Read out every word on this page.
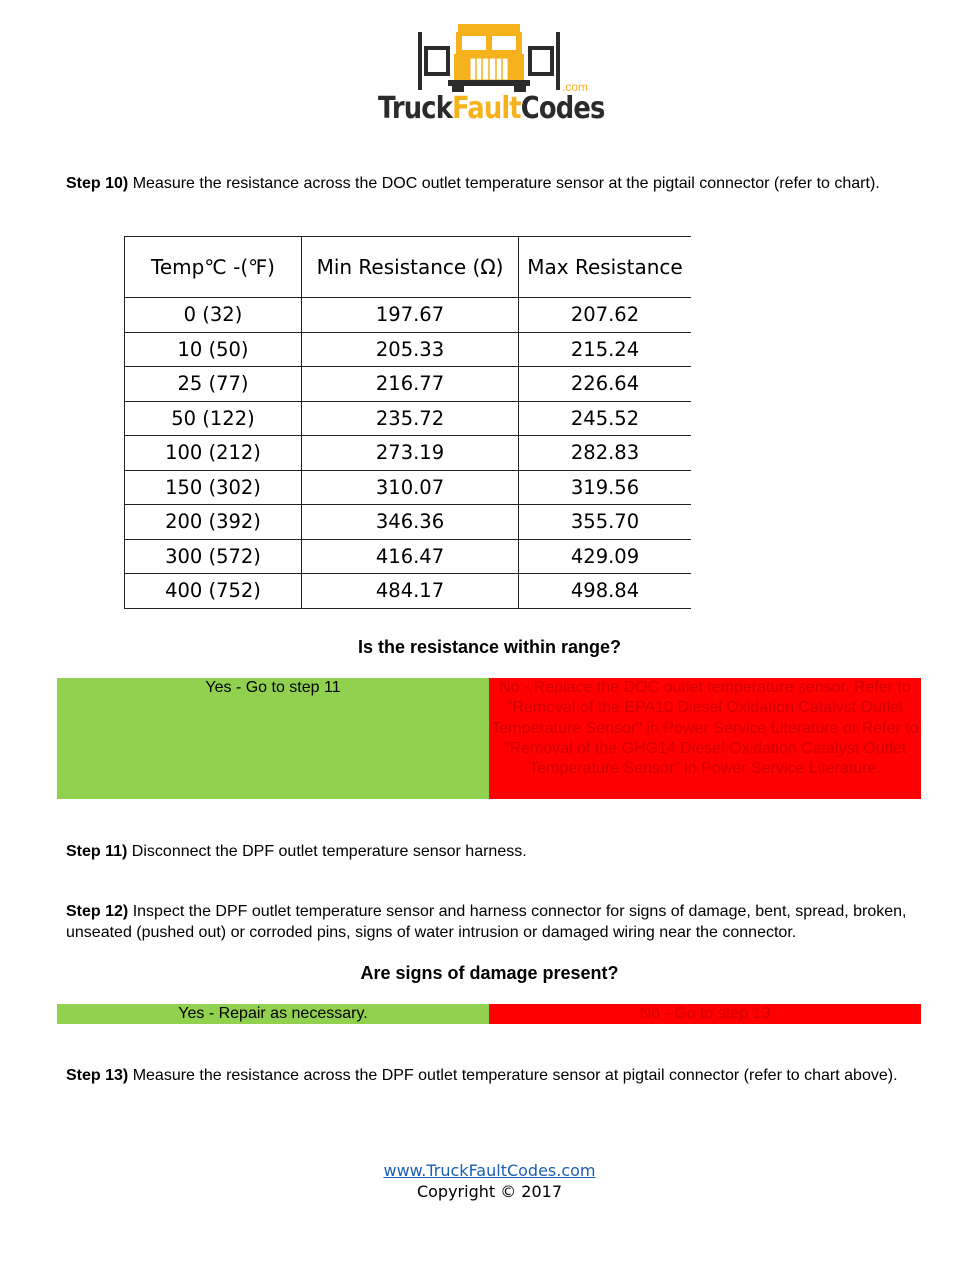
.com
TruckFaultCodes
Step 10) Measure the resistance across the DOC outlet temperature sensor at the pigtail connector (refer to chart).
Temp℃ -(℉)	Min Resistance (Ω)	Max Resistance
0 (32)	197.67	207.62
10 (50)	205.33	215.24
25 (77)	216.77	226.64
50 (122)	235.72	245.52
100 (212)	273.19	282.83
150 (302)	310.07	319.56
200 (392)	346.36	355.70
300 (572)	416.47	429.09
400 (752)	484.17	498.84
Is the resistance within range?
Yes - Go to step 11	No - Replace the DOC outlet temperature sensor. Refer to "Removal of the EPA10 Diesel Oxidation Catalyst Outlet Temperature Sensor" in Power Service Literature or Refer to "Removal of the GHG14 Diesel Oxidation Catalyst Outlet Temperature Sensor" in Power Service Literature.
Step 11) Disconnect the DPF outlet temperature sensor harness.
Step 12) Inspect the DPF outlet temperature sensor and harness connector for signs of damage, bent, spread, broken, unseated (pushed out) or corroded pins, signs of water intrusion or damaged wiring near the connector.
Are signs of damage present?
Yes - Repair as necessary.	No - Go to step 13
Step 13) Measure the resistance across the DPF outlet temperature sensor at pigtail connector (refer to chart above).
www.TruckFaultCodes.com
Copyright © 2017
